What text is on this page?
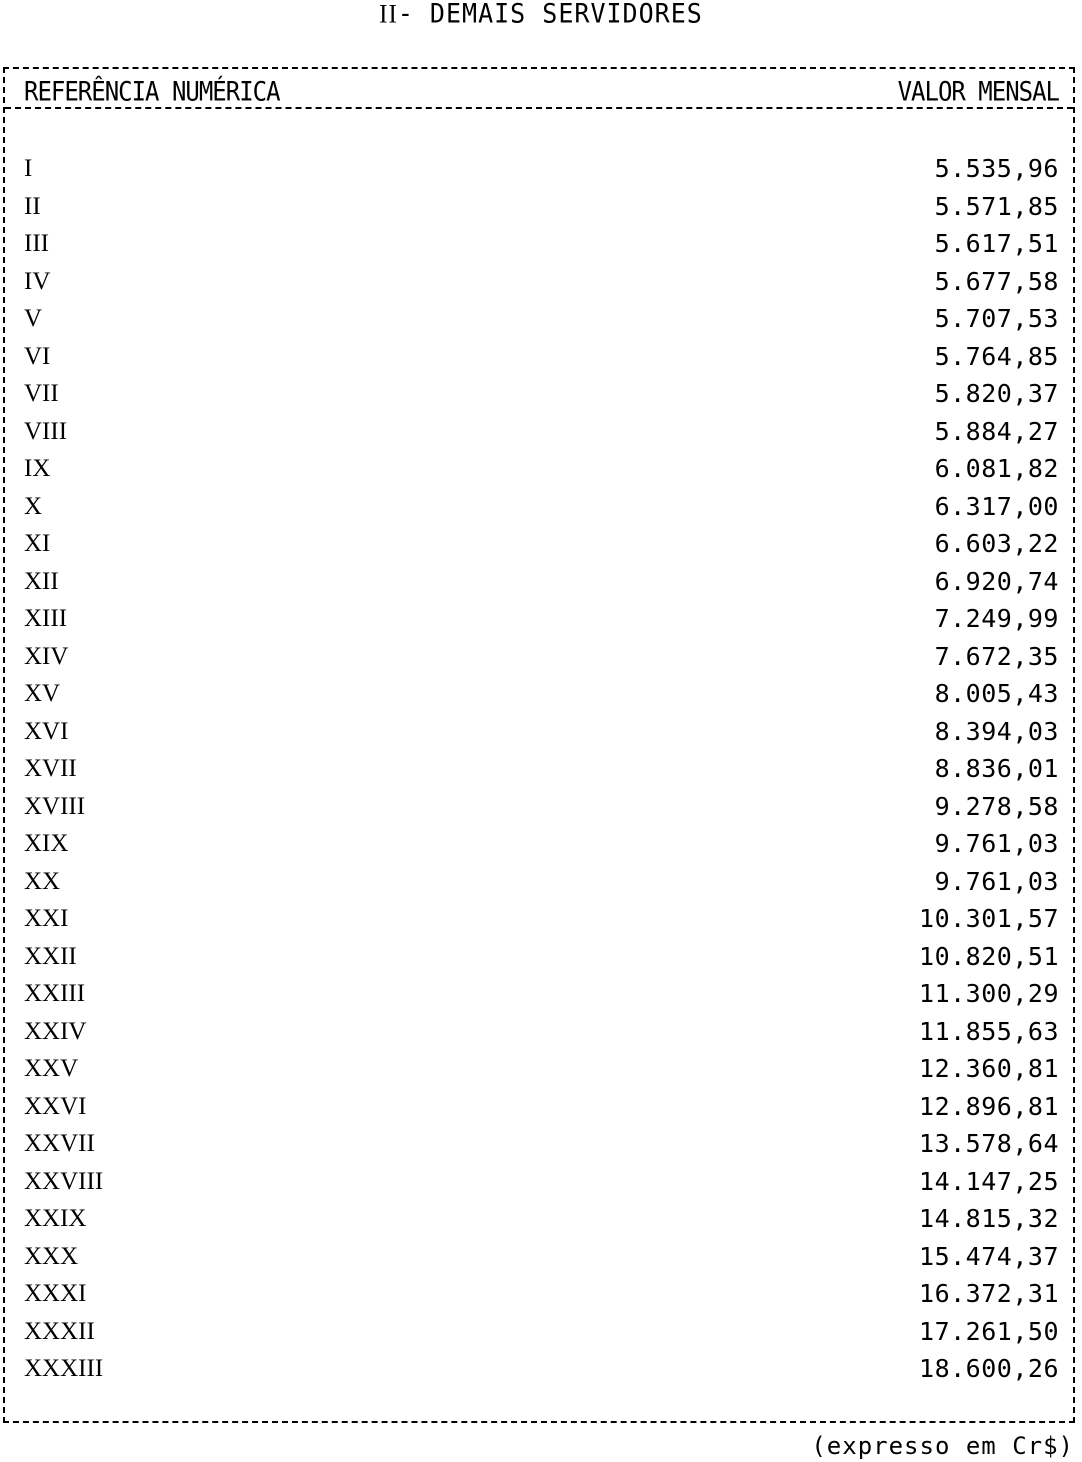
II- DEMAIS SERVIDORES
REFERÊNCIA NUMÉRICA	VALOR MENSAL
I	5.535,96
II	5.571,85
III	5.617,51
IV	5.677,58
V	5.707,53
VI	5.764,85
VII	5.820,37
VIII	5.884,27
IX	6.081,82
X	6.317,00
XI	6.603,22
XII	6.920,74
XIII	7.249,99
XIV	7.672,35
XV	8.005,43
XVI	8.394,03
XVII	8.836,01
XVIII	9.278,58
XIX	9.761,03
XX	9.761,03
XXI	10.301,57
XXII	10.820,51
XXIII	11.300,29
XXIV	11.855,63
XXV	12.360,81
XXVI	12.896,81
XXVII	13.578,64
XXVIII	14.147,25
XXIX	14.815,32
XXX	15.474,37
XXXI	16.372,31
XXXII	17.261,50
XXXIII	18.600,26
(expresso em Cr$)
